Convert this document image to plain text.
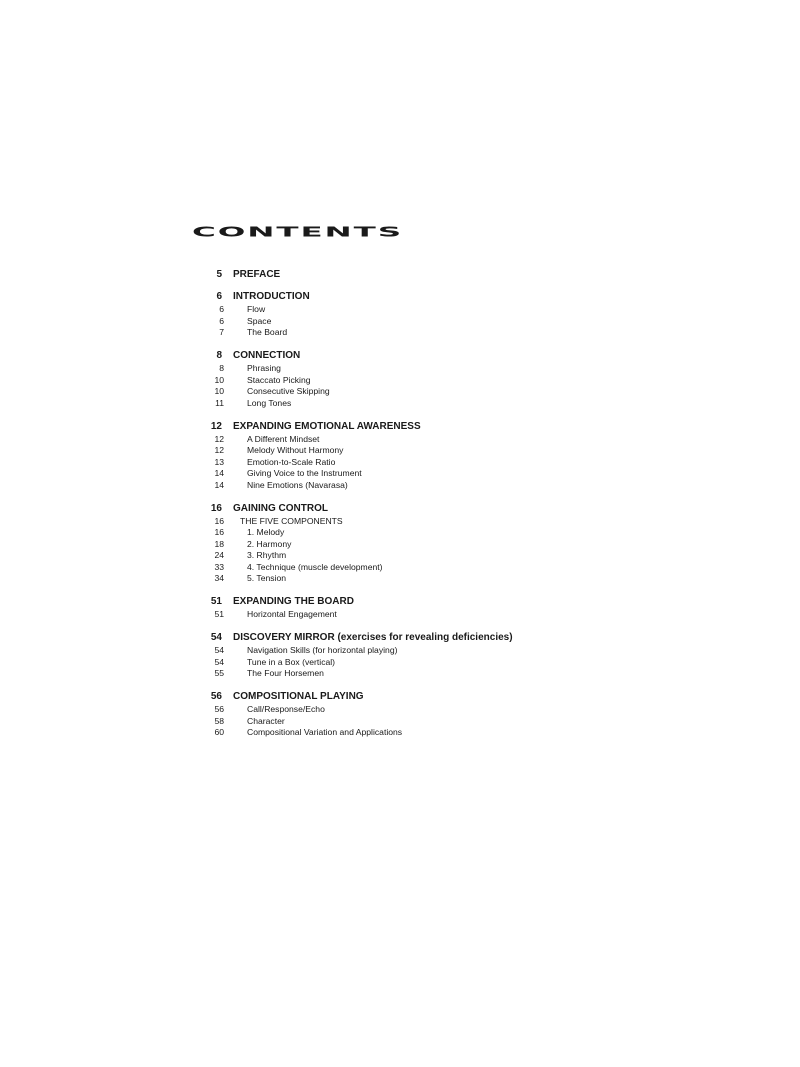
CONTENTS
5 PREFACE
6 INTRODUCTION
6	Flow
6	Space
7	The Board
8 CONNECTION
8	Phrasing
10	Staccato Picking
10	Consecutive Skipping
11	Long Tones
12 EXPANDING EMOTIONAL AWARENESS
12	A Different Mindset
12	Melody Without Harmony
13	Emotion-to-Scale Ratio
14	Giving Voice to the Instrument
14	Nine Emotions (Navarasa)
16 GAINING CONTROL
16 THE FIVE COMPONENTS
16	1. Melody
18	2. Harmony
24	3. Rhythm
33	4. Technique (muscle development)
34	5. Tension
51 EXPANDING THE BOARD
51	Horizontal Engagement
54 DISCOVERY MIRROR (exercises for revealing deficiencies)
54	Navigation Skills (for horizontal playing)
54	Tune in a Box (vertical)
55	The Four Horsemen
56 COMPOSITIONAL PLAYING
56	Call/Response/Echo
58	Character
60	Compositional Variation and Applications
